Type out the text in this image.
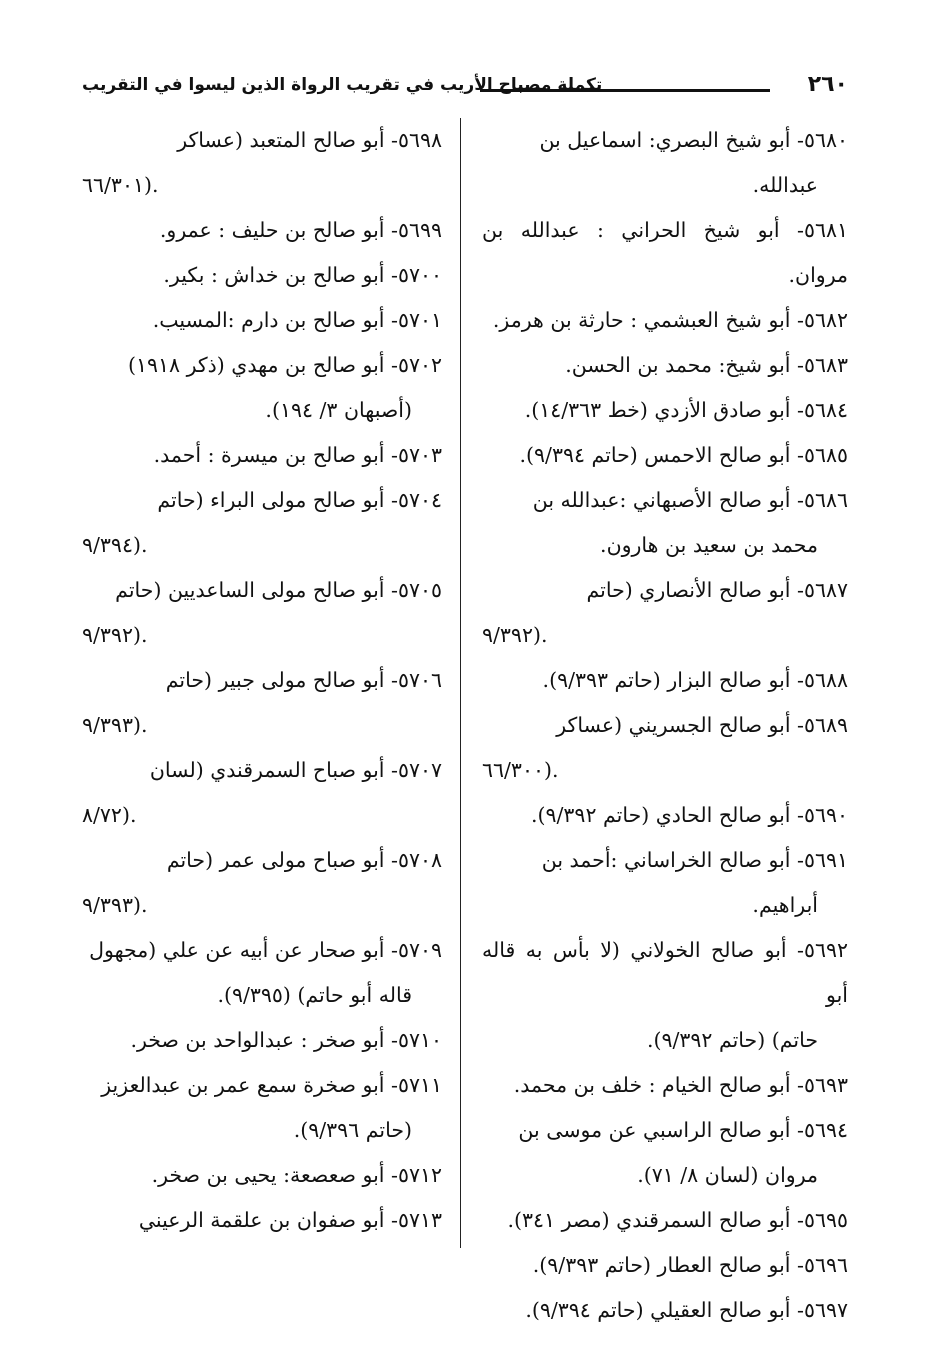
٢٦٠
تكملة مصباح الأريب في تقريب الرواة الذين ليسوا في التقريب
٥٦٨٠- أبو شيخ البصري: اسماعيل بن
عبدالله.
٥٦٨١- أبو شيخ الحراني : عبدالله بن مروان.
٥٦٨٢- أبو شيخ العبشمي : حارثة بن هرمز.
٥٦٨٣- أبو شيخ: محمد بن الحسن.
٥٦٨٤- أبو صادق الأزدي (خط ١٤/٣٦٣).
٥٦٨٥- أبو صالح الاحمس (حاتم ٩/٣٩٤).
٥٦٨٦- أبو صالح الأصبهاني :عبدالله بن
محمد بن سعيد بن هارون.
٥٦٨٧- أبو صالح الأنصاري (حاتم
٩/٣٩٢).
٥٦٨٨- أبو صالح البزار (حاتم ٩/٣٩٣).
٥٦٨٩- أبو صالح الجسريني (عساكر
٦٦/٣٠٠).
٥٦٩٠- أبو صالح الحادي (حاتم ٩/٣٩٢).
٥٦٩١- أبو صالح الخراساني :أحمد بن
أبراهيم.
٥٦٩٢- أبو صالح الخولاني (لا بأس به قاله أبو
حاتم) (حاتم ٩/٣٩٢).
٥٦٩٣- أبو صالح الخيام : خلف بن محمد.
٥٦٩٤- أبو صالح الراسبي عن موسى بن
مروان (لسان ٨/ ٧١).
٥٦٩٥- أبو صالح السمرقندي (مصر ٣٤١).
٥٦٩٦- أبو صالح العطار (حاتم ٩/٣٩٣).
٥٦٩٧- أبو صالح العقيلي (حاتم ٩/٣٩٤).
٥٦٩٨- أبو صالح المتعبد (عساكر
٦٦/٣٠١).
٥٦٩٩- أبو صالح بن حليف : عمرو.
٥٧٠٠- أبو صالح بن خداش : بكير.
٥٧٠١- أبو صالح بن دارم :المسيب.
٥٧٠٢- أبو صالح بن مهدي (ذكر ١٩١٨)
(أصبهان ٣/ ١٩٤).
٥٧٠٣- أبو صالح بن ميسرة : أحمد.
٥٧٠٤- أبو صالح مولى البراء (حاتم
٩/٣٩٤).
٥٧٠٥- أبو صالح مولى الساعديين (حاتم
٩/٣٩٢).
٥٧٠٦- أبو صالح مولى جبير (حاتم
٩/٣٩٣).
٥٧٠٧- أبو صباح السمرقندي (لسان
٨/٧٢).
٥٧٠٨- أبو صباح مولى عمر (حاتم
٩/٣٩٣).
٥٧٠٩- أبو صحار عن أبيه عن علي (مجهول
قاله أبو حاتم) (٩/٣٩٥).
٥٧١٠- أبو صخر : عبدالواحد بن صخر.
٥٧١١- أبو صخرة سمع عمر بن عبدالعزيز
(حاتم ٩/٣٩٦).
٥٧١٢- أبو صعصعة: يحيى بن صخر.
٥٧١٣- أبو صفوان بن علقمة الرعيني
